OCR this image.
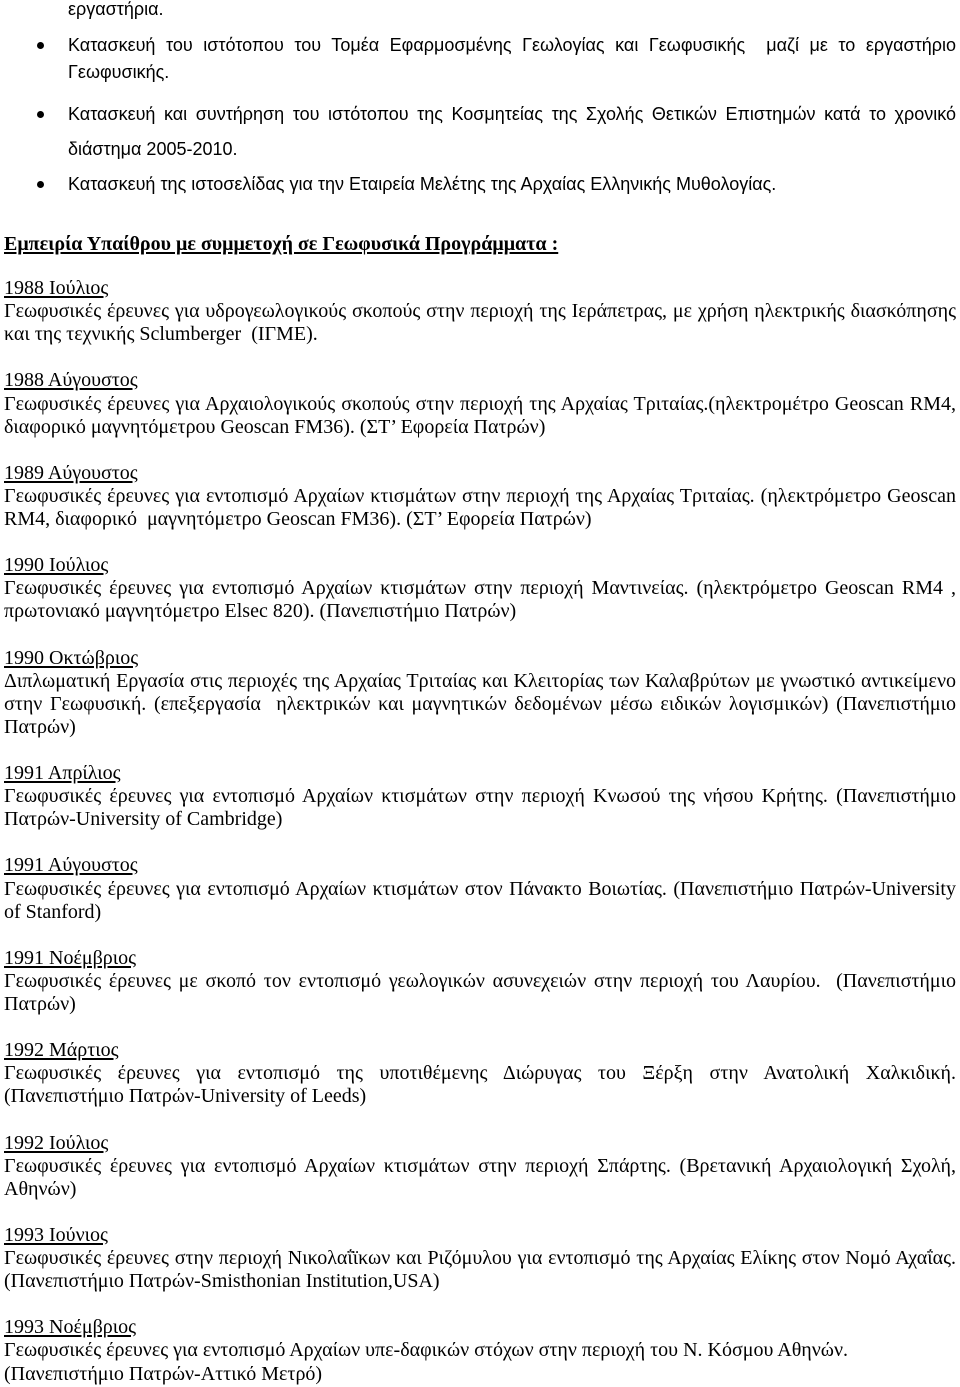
εργαστήρια.
Κατασκευή του ιστότοπου του Τομέα Εφαρμοσμένης Γεωλογίας και Γεωφυσικής  μαζί με το εργαστήριο
Γεωφυσικής.
Κατασκευή και συντήρηση του ιστότοπου της Κοσμητείας της Σχολής Θετικών Επιστημών κατά το χρονικό
διάστημα 2005-2010.
Κατασκευή της ιστοσελίδας για την Εταιρεία Μελέτης της Αρχαίας Ελληνικής Μυθολογίας.
Εμπειρία Υπαίθρου με συμμετοχή σε Γεωφυσικά Προγράμματα :
1988 Ιούλιος
Γεωφυσικές έρευνες για υδρογεωλογικούς σκοπούς στην περιοχή της Ιεράπετρας, με χρήση ηλεκτρικής διασκόπησης
και της τεχνικής Sclumberger  (ΙΓΜΕ).
1988 Αύγουστος
Γεωφυσικές έρευνες για Αρχαιολογικούς σκοπούς στην περιοχή της Αρχαίας Τριταίας.(ηλεκτρομέτρο Geoscan RM4,
διαφορικό μαγνητόμετρου Geoscan FM36). (ΣΤ’ Εφορεία Πατρών)
1989 Αύγουστος
Γεωφυσικές έρευνες για εντοπισμό Αρχαίων κτισμάτων στην περιοχή της Αρχαίας Τριταίας. (ηλεκτρόμετρο Geoscan
RM4, διαφορικό  μαγνητόμετρο Geoscan FM36). (ΣΤ’ Εφορεία Πατρών)
1990 Ιούλιος
Γεωφυσικές έρευνες για εντοπισμό Αρχαίων κτισμάτων στην περιοχή Μαντινείας. (ηλεκτρόμετρο Geoscan RM4 ,
πρωτονιακό μαγνητόμετρο Elsec 820). (Πανεπιστήμιο Πατρών)
1990 Οκτώβριος
Διπλωματική Εργασία στις περιοχές της Αρχαίας Τριταίας και Κλειτορίας των Καλαβρύτων με γνωστικό αντικείμενο
στην Γεωφυσική. (επεξεργασία  ηλεκτρικών και μαγνητικών δεδομένων μέσω ειδικών λογισμικών) (Πανεπιστήμιο
Πατρών)
1991 Απρίλιος
Γεωφυσικές έρευνες για εντοπισμό Αρχαίων κτισμάτων στην περιοχή Κνωσού της νήσου Κρήτης. (Πανεπιστήμιο
Πατρών-University of Cambridge)
1991 Αύγουστος
Γεωφυσικές έρευνες για εντοπισμό Αρχαίων κτισμάτων στον Πάνακτο Βοιωτίας. (Πανεπιστήμιο Πατρών-University
of Stanford)
1991 Νοέμβριος
Γεωφυσικές έρευνες με σκοπό τον εντοπισμό γεωλογικών ασυνεχειών στην περιοχή του Λαυρίου.  (Πανεπιστήμιο
Πατρών)
1992 Μάρτιος
Γεωφυσικές έρευνες για εντοπισμό της υποτιθέμενης Διώρυγας του Ξέρξη στην Ανατολική Χαλκιδική.
(Πανεπιστήμιο Πατρών-University of Leeds)
1992 Ιούλιος
Γεωφυσικές έρευνες για εντοπισμό Αρχαίων κτισμάτων στην περιοχή Σπάρτης. (Βρετανική Αρχαιολογική Σχολή,
Αθηνών)
1993 Ιούνιος
Γεωφυσικές έρευνες στην περιοχή Νικολαΐϊκων και Ριζόμυλου για εντοπισμό της Αρχαίας Ελίκης στον Νομό Αχαΐας.
(Πανεπιστήμιο Πατρών-Smisthonian Institution,USA)
1993 Νοέμβριος
Γεωφυσικές έρευνες για εντοπισμό Αρχαίων υπε-δαφικών στόχων στην περιοχή του Ν. Κόσμου Αθηνών.
(Πανεπιστήμιο Πατρών-Αττικό Μετρό)
